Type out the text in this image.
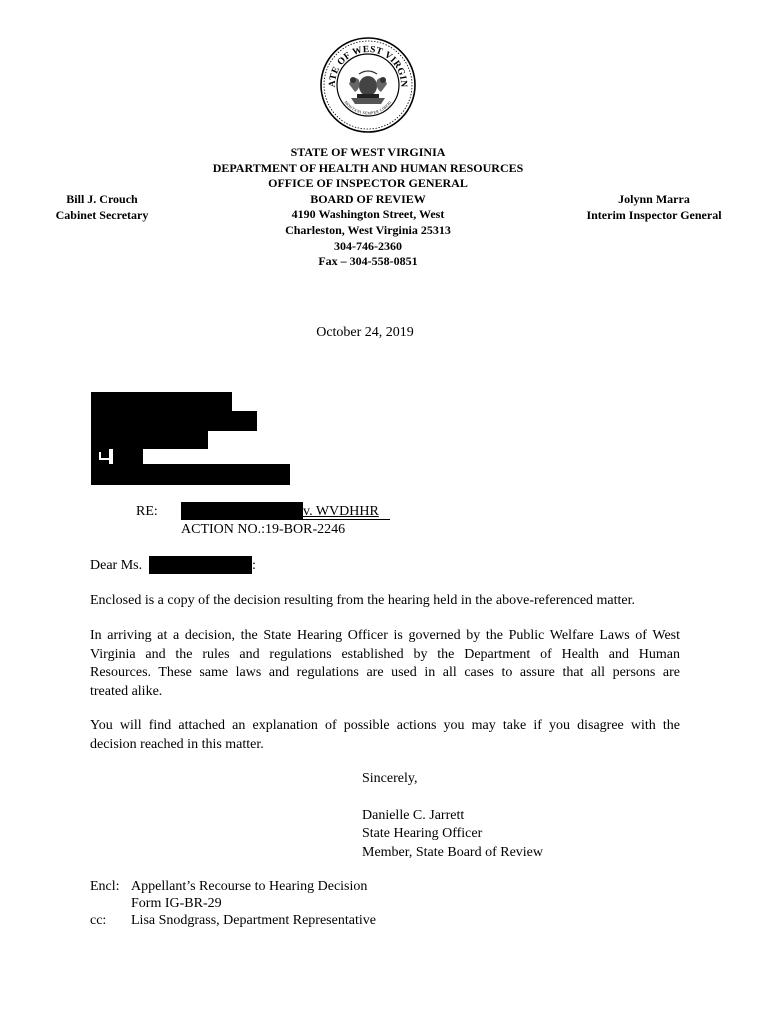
ATE OF WEST VIRGIN
MONTANI SEMPER LIBERI
Bill J. Crouch
Cabinet Secretary
STATE OF WEST VIRGINIA
DEPARTMENT OF HEALTH AND HUMAN RESOURCES
OFFICE OF INSPECTOR GENERAL
BOARD OF REVIEW
4190 Washington Street, West
Charleston, West Virginia 25313
304-746-2360
Fax – 304-558-0851
Jolynn Marra
Interim Inspector General
October 24, 2019
RE:	v. WVDHHR
ACTION NO.:19-BOR-2246
Dear Ms.	:
Enclosed is a copy of the decision resulting from the hearing held in the above-referenced matter.
In arriving at a decision, the State Hearing Officer is governed by the Public Welfare Laws of West
Virginia and the rules and regulations established by the Department of Health and Human
Resources. These same laws and regulations are used in all cases to assure that all persons are
treated alike.
You will find attached an explanation of possible actions you may take if you disagree with the
decision reached in this matter.
Sincerely,
Danielle C. Jarrett
State Hearing Officer
Member, State Board of Review
Encl: Appellant’s Recourse to Hearing Decision
Form IG-BR-29
cc: Lisa Snodgrass, Department Representative
